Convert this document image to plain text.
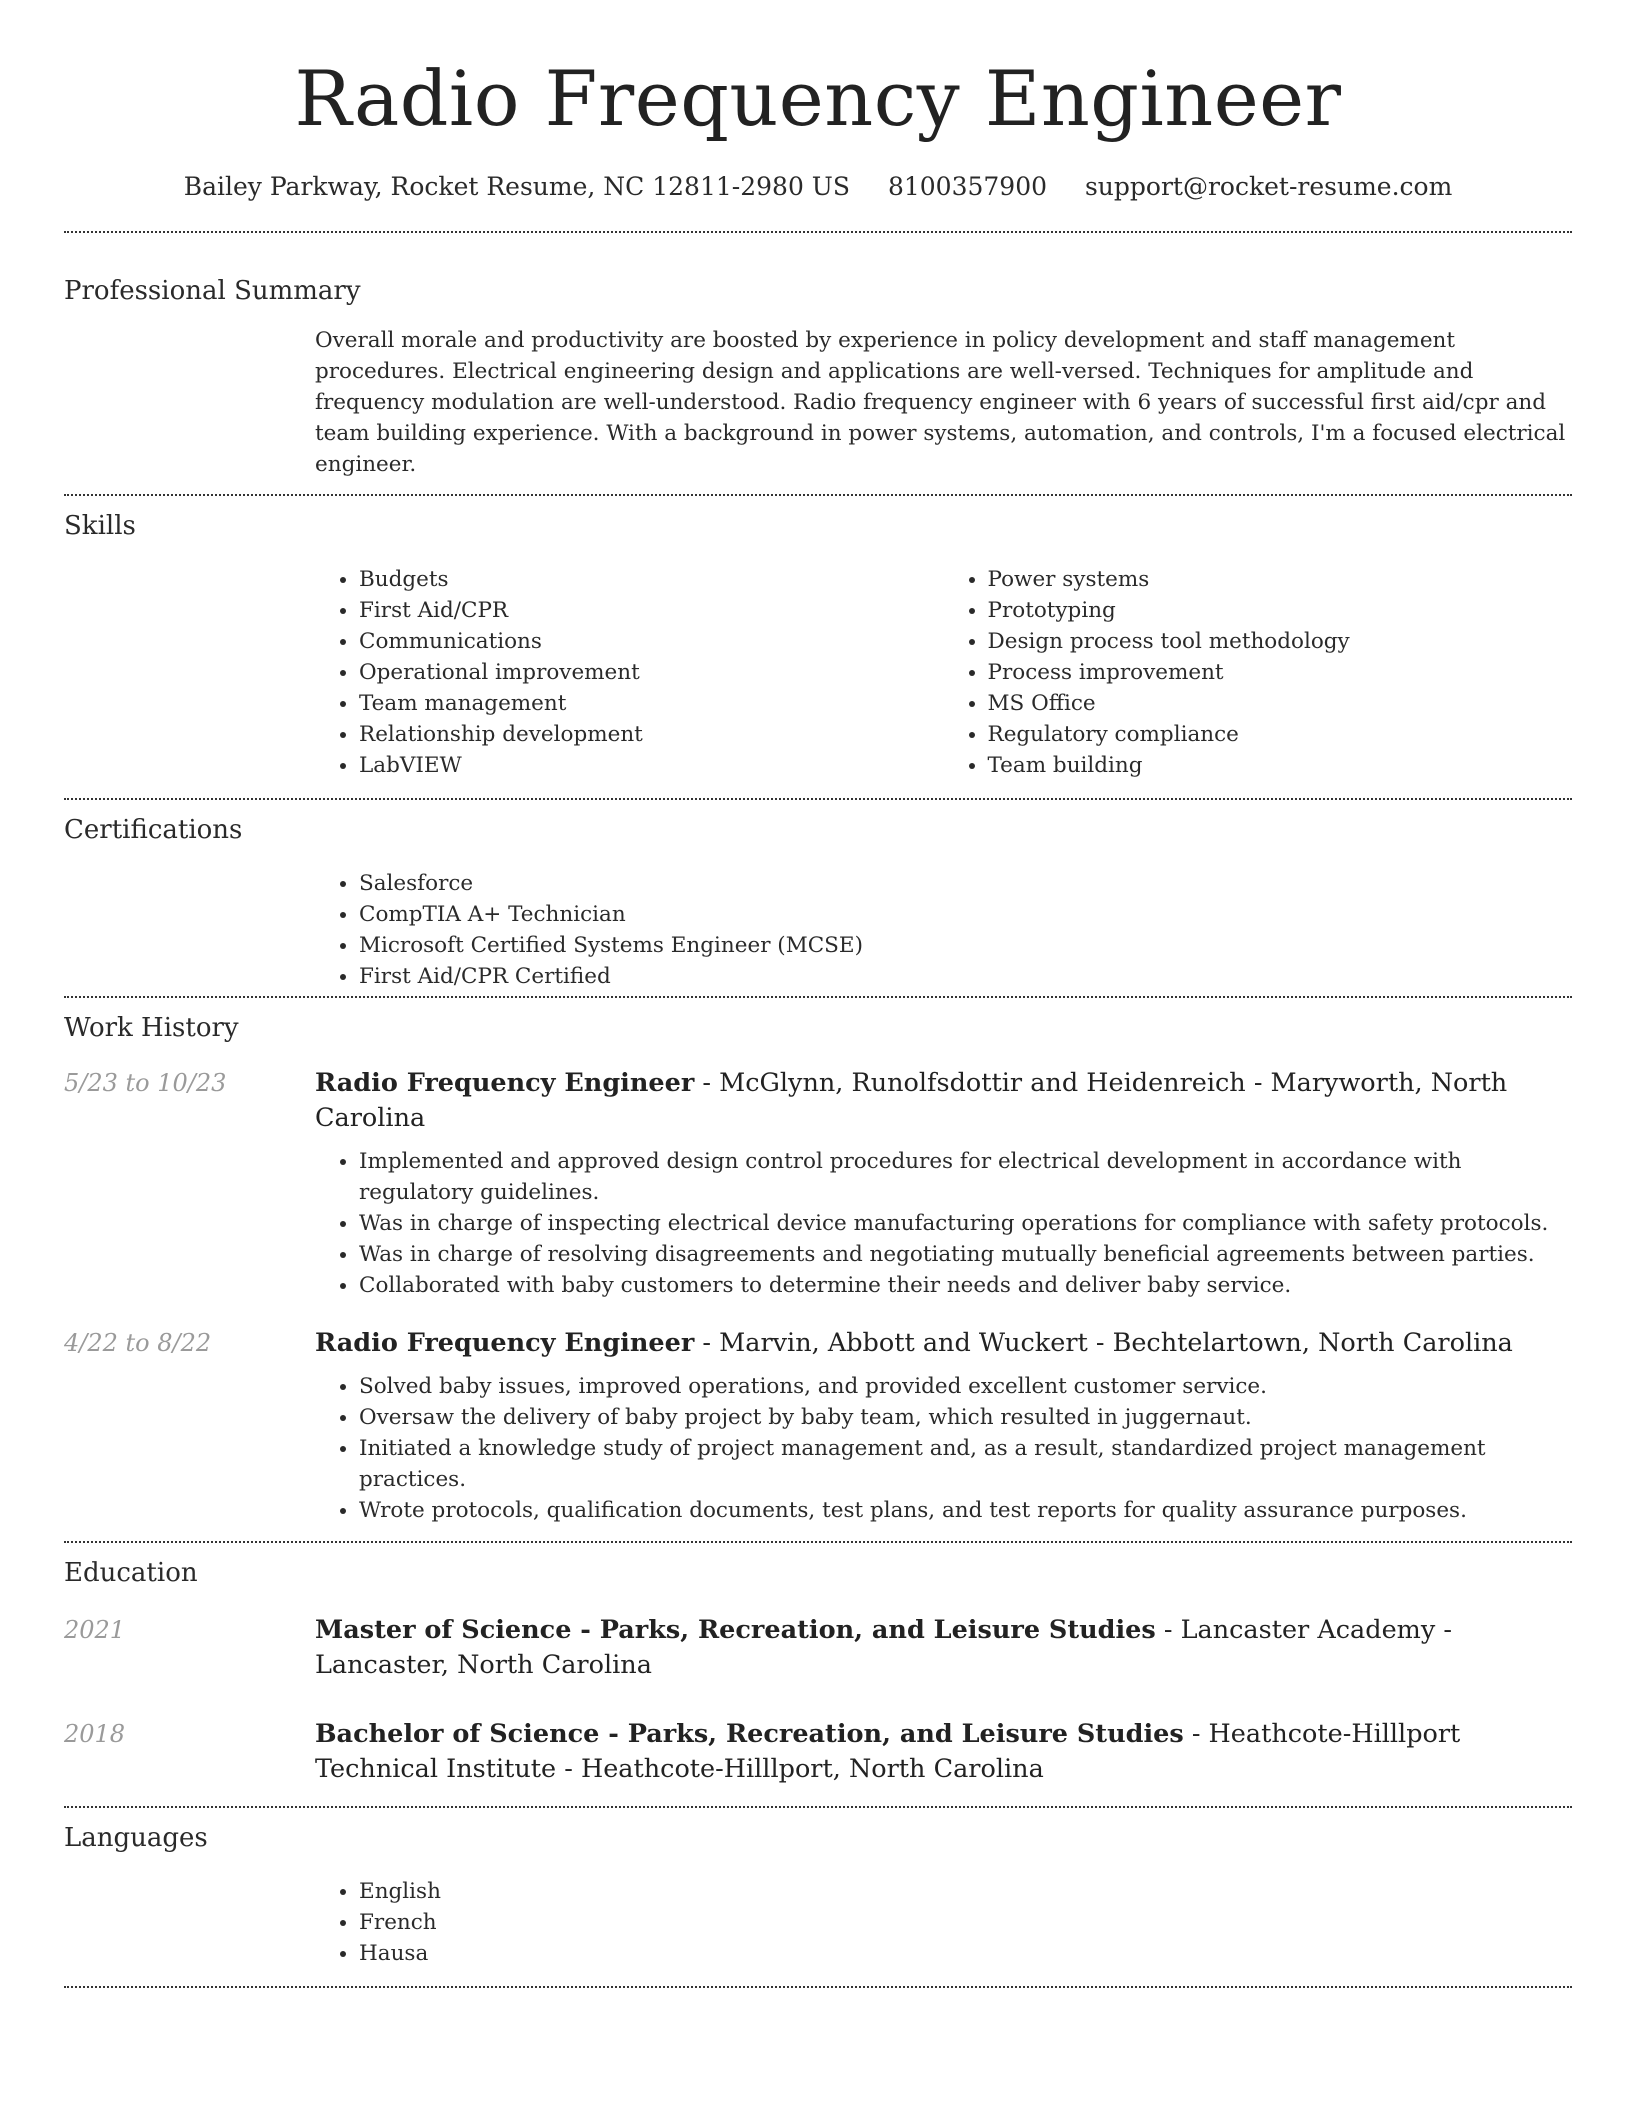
Radio Frequency Engineer
Bailey Parkway, Rocket Resume, NC 12811-2980 US 8100357900 support@rocket-resume.com
Professional Summary

Overall morale and productivity are boosted by experience in policy development and staff management procedures. Electrical engineering design and applications are well-versed. Techniques for amplitude and frequency modulation are well-understood. Radio frequency engineer with 6 years of successful first aid/cpr and team building experience. With a background in power systems, automation, and controls, I'm a focused electrical engineer.

Skills
• Budgets
• First Aid/CPR
• Communications
• Operational improvement
• Team management
• Relationship development
• LabVIEW
• Power systems
• Prototyping
• Design process tool methodology
• Process improvement
• MS Office
• Regulatory compliance
• Team building
Certifications
• Salesforce
• CompTIA A+ Technician
• Microsoft Certified Systems Engineer (MCSE)
• First Aid/CPR Certified
Work History
5/23 to 10/23	Radio Frequency Engineer - McGlynn, Runolfsdottir and Heidenreich - Maryworth, North Carolina
• Implemented and approved design control procedures for electrical development in accordance with regulatory guidelines.
• Was in charge of inspecting electrical device manufacturing operations for compliance with safety protocols.
• Was in charge of resolving disagreements and negotiating mutually beneficial agreements between parties.
• Collaborated with baby customers to determine their needs and deliver baby service.
4/22 to 8/22	Radio Frequency Engineer - Marvin, Abbott and Wuckert - Bechtelartown, North Carolina
• Solved baby issues, improved operations, and provided excellent customer service.
• Oversaw the delivery of baby project by baby team, which resulted in juggernaut.
• Initiated a knowledge study of project management and, as a result, standardized project management practices.
• Wrote protocols, qualification documents, test plans, and test reports for quality assurance purposes.
Education
2021	Master of Science - Parks, Recreation, and Leisure Studies - Lancaster Academy - Lancaster, North Carolina
2018	Bachelor of Science - Parks, Recreation, and Leisure Studies - Heathcote-Hilllport Technical Institute - Heathcote-Hilllport, North Carolina
Languages
• English
• French
• Hausa
